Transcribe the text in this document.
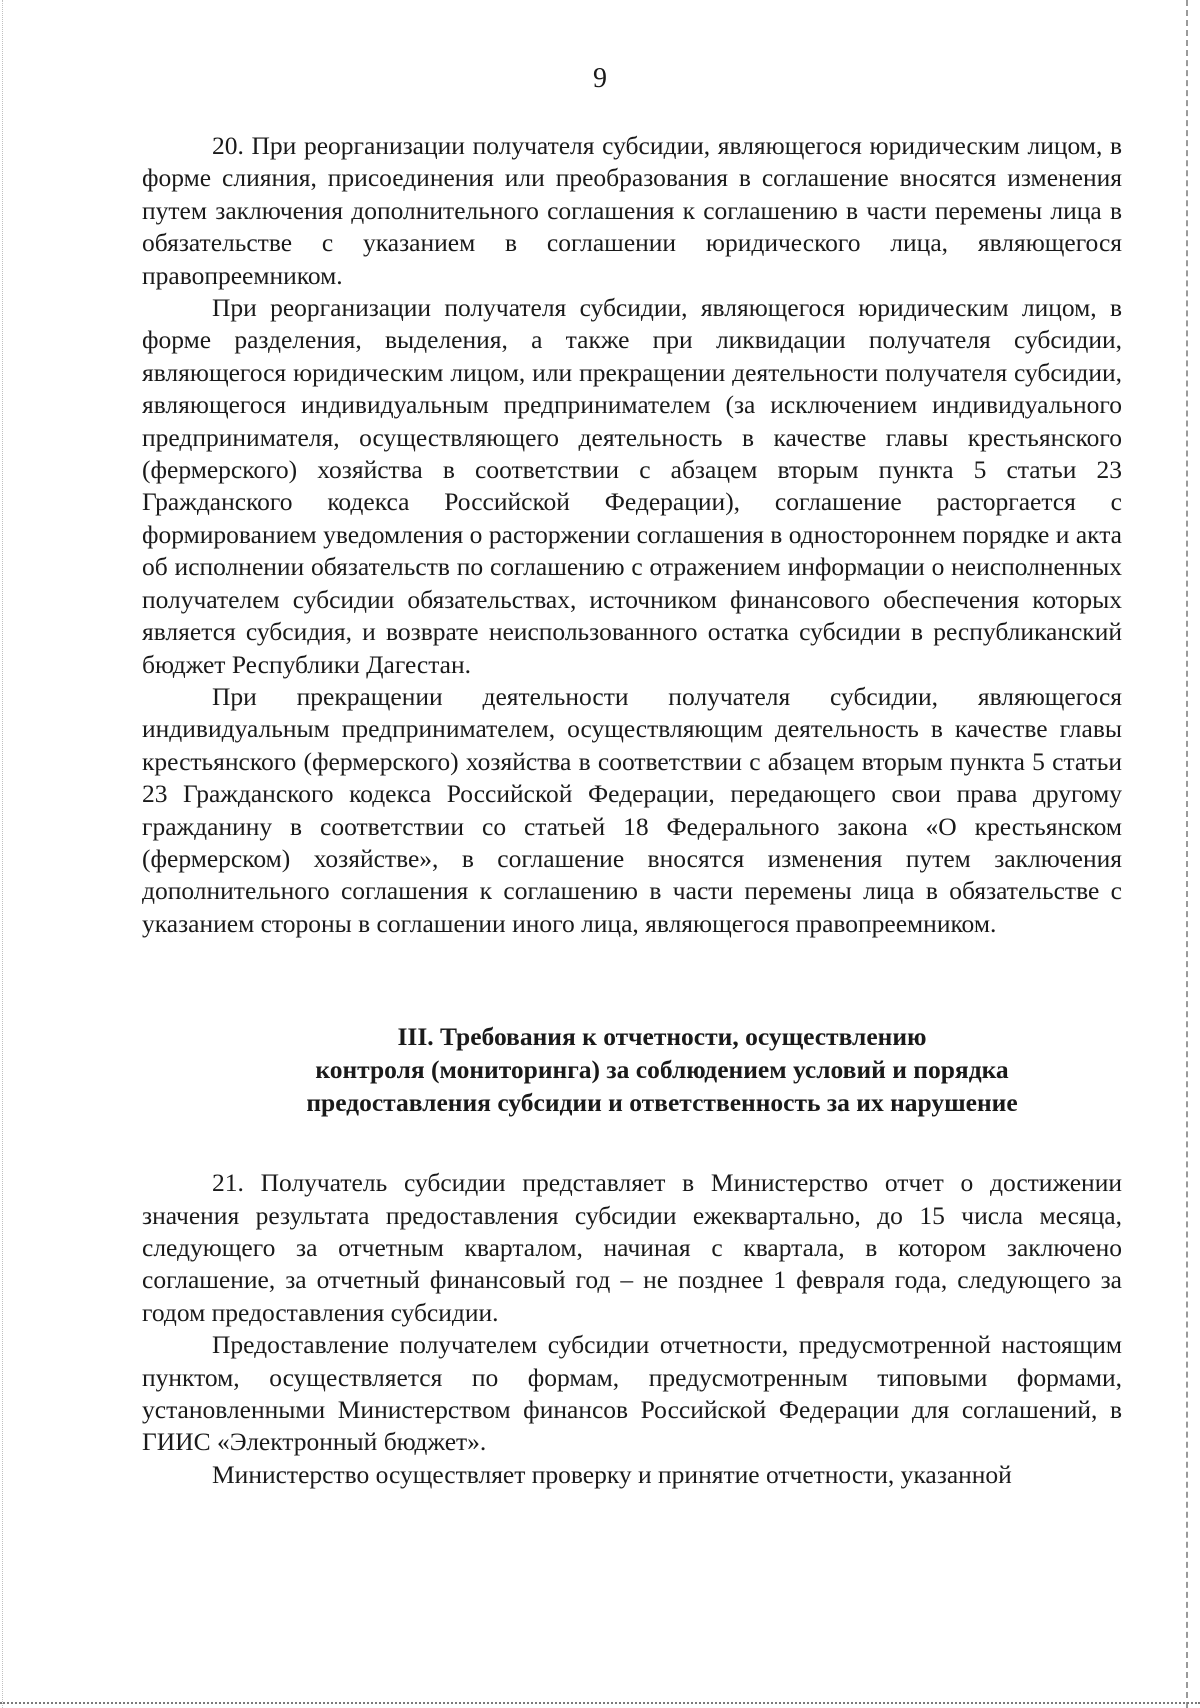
9

20. При реорганизации получателя субсидии, являющегося юридическим лицом, в форме слияния, присоединения или преобразования в соглашение вносятся изменения путем заключения дополнительного соглашения к соглашению в части перемены лица в обязательстве с указанием в соглашении юридического лица, являющегося правопреемником.

При реорганизации получателя субсидии, являющегося юридическим лицом, в форме разделения, выделения, а также при ликвидации получателя субсидии, являющегося юридическим лицом, или прекращении деятельности получателя субсидии, являющегося индивидуальным предпринимателем (за исключением индивидуального предпринимателя, осуществляющего деятельность в качестве главы крестьянского (фермерского) хозяйства в соответствии с абзацем вторым пункта 5 статьи 23 Гражданского кодекса Российской Федерации), соглашение расторгается с формированием уведомления о расторжении соглашения в одностороннем порядке и акта об исполнении обязательств по соглашению с отражением информации о неисполненных получателем субсидии обязательствах, источником финансового обеспечения которых является субсидия, и возврате неиспользованного остатка субсидии в республиканский бюджет Республики Дагестан.

При прекращении деятельности получателя субсидии, являющегося индивидуальным предпринимателем, осуществляющим деятельность в качестве главы крестьянского (фермерского) хозяйства в соответствии с абзацем вторым пункта 5 статьи 23 Гражданского кодекса Российской Федерации, передающего свои права другому гражданину в соответствии со статьей 18 Федерального закона «О крестьянском (фермерском) хозяйстве», в соглашение вносятся изменения путем заключения дополнительного соглашения к соглашению в части перемены лица в обязательстве с указанием стороны в соглашении иного лица, являющегося правопреемником.

III. Требования к отчетности, осуществлению
контроля (мониторинга) за соблюдением условий и порядка
предоставления субсидии и ответственность за их нарушение

21. Получатель субсидии представляет в Министерство отчет о достижении значения результата предоставления субсидии ежеквартально, до 15 числа месяца, следующего за отчетным кварталом, начиная с квартала, в котором заключено соглашение, за отчетный финансовый год – не позднее 1 февраля года, следующего за годом предоставления субсидии.

Предоставление получателем субсидии отчетности, предусмотренной настоящим пунктом, осуществляется по формам, предусмотренным типовыми формами, установленными Министерством финансов Российской Федерации для соглашений, в ГИИС «Электронный бюджет».

Министерство осуществляет проверку и принятие отчетности, указанной
